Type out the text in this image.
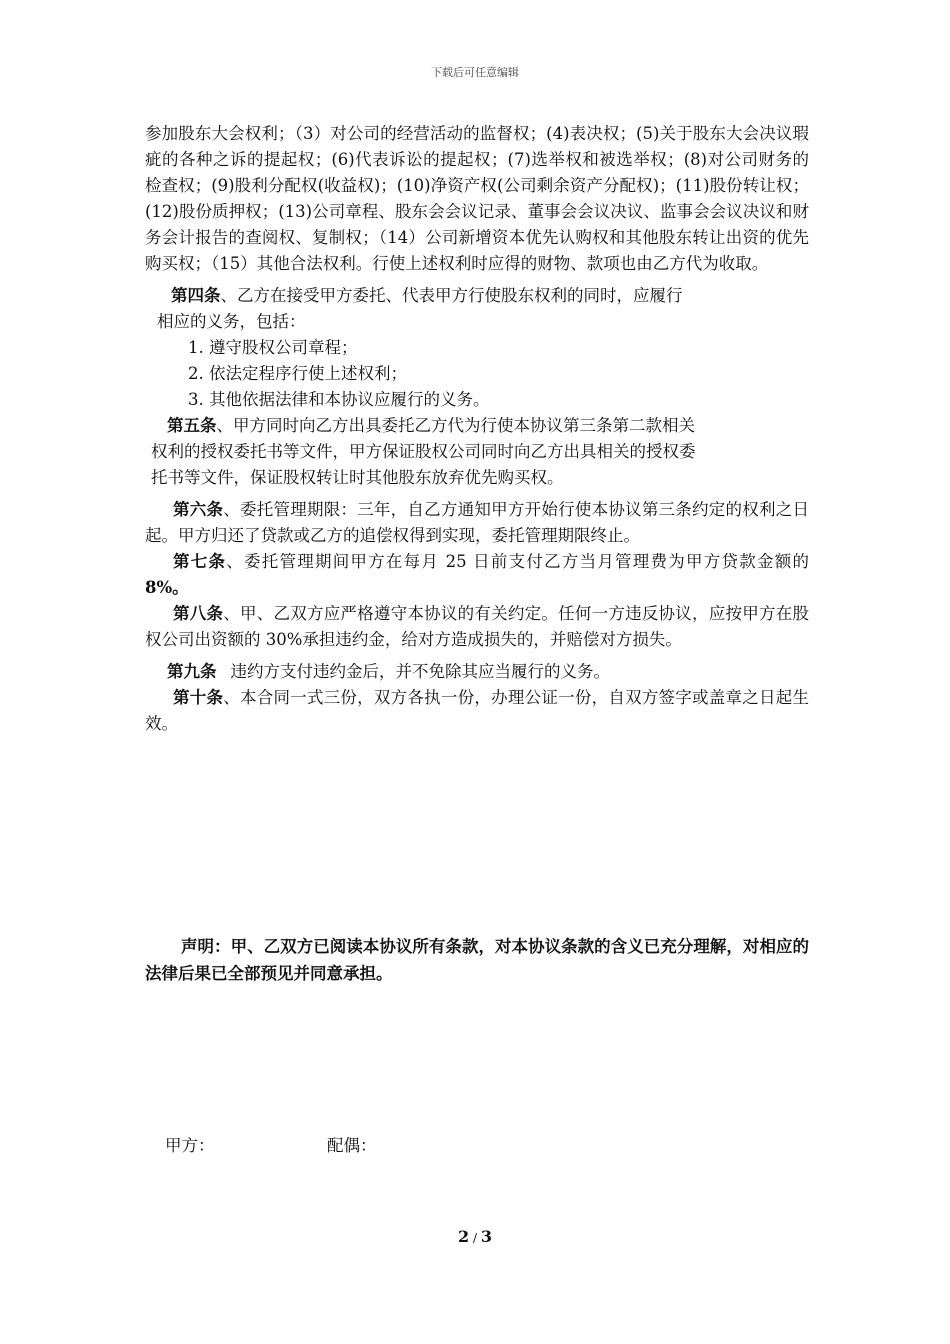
下载后可任意编辑

参加股东大会权利；（3）对公司的经营活动的监督权；(4)表决权；(5)关于股东大会决议瑕疵的各种之诉的提起权；(6)代表诉讼的提起权；(7)选举权和被选举权；(8)对公司财务的检查权；(9)股利分配权(收益权)；(10)净资产权(公司剩余资产分配权)；(11)股份转让权；(12)股份质押权；(13)公司章程、股东会会议记录、董事会会议决议、监事会会议决议和财务会计报告的查阅权、复制权；（14）公司新增资本优先认购权和其他股东转让出资的优先购买权；（15）其他合法权利。行使上述权利时应得的财物、款项也由乙方代为收取。

第四条、乙方在接受甲方委托、代表甲方行使股东权利的同时，应履行
相应的义务，包括：
1. 遵守股权公司章程；
2. 依法定程序行使上述权利；
3. 其他依据法律和本协议应履行的义务。
第五条、甲方同时向乙方出具委托乙方代为行使本协议第三条第二款相关
权利的授权委托书等文件，甲方保证股权公司同时向乙方出具相关的授权委
托书等文件，保证股权转让时其他股东放弃优先购买权。

第六条、委托管理期限：三年，自乙方通知甲方开始行使本协议第三条约定的权利之日起。甲方归还了贷款或乙方的追偿权得到实现，委托管理期限终止。

第七条、委托管理期间甲方在每月 25 日前支付乙方当月管理费为甲方贷款金额的8%。

第八条、甲、乙双方应严格遵守本协议的有关约定。任何一方违反协议，应按甲方在股权公司出资额的 30%承担违约金，给对方造成损失的，并赔偿对方损失。

第九条 违约方支付违约金后，并不免除其应当履行的义务。

第十条、本合同一式三份，双方各执一份，办理公证一份，自双方签字或盖章之日起生效。

声明：甲、乙双方已阅读本协议所有条款，对本协议条款的含义已充分理解，对相应的法律后果已全部预见并同意承担。
甲方：	配偶：
2 / 3
